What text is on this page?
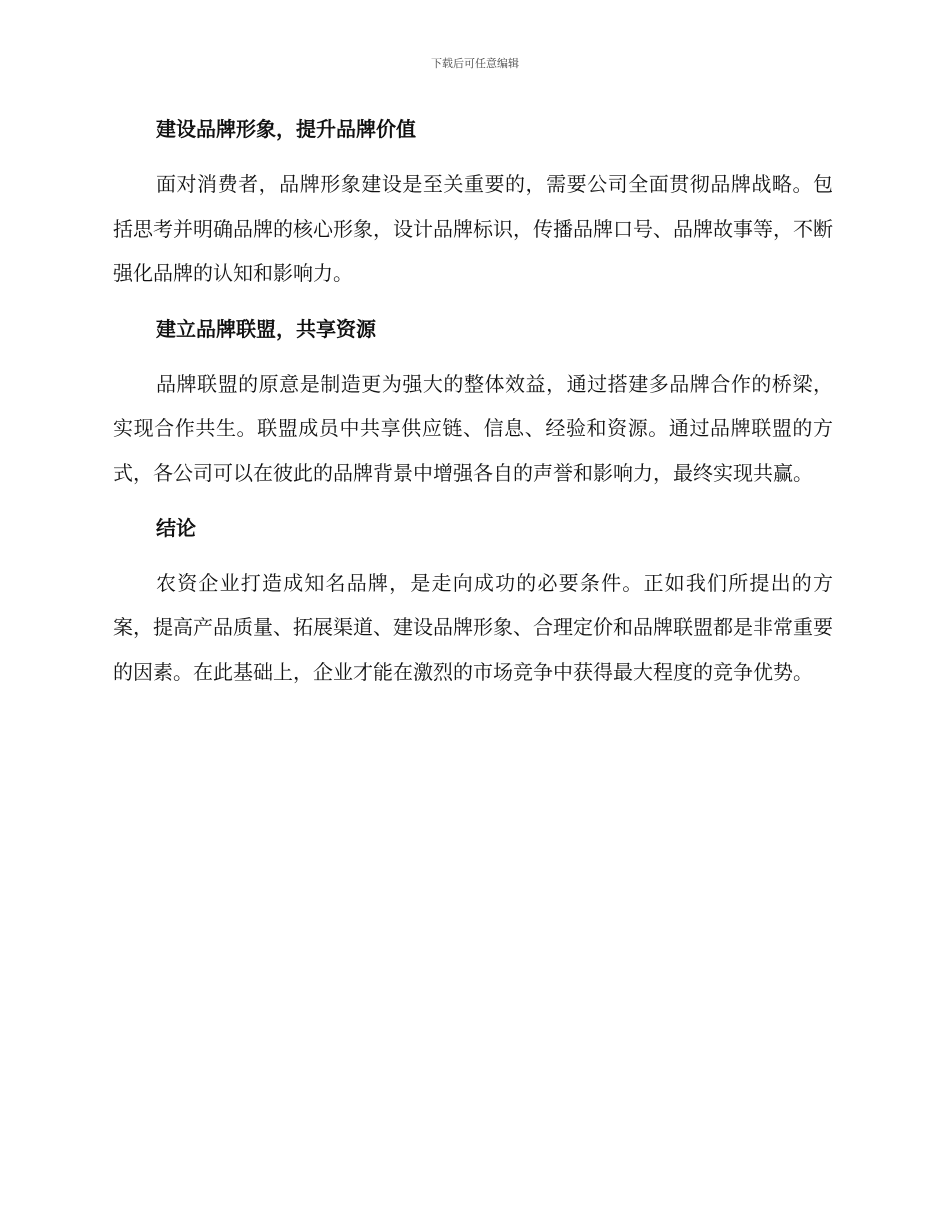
下载后可任意编辑
建设品牌形象，提升品牌价值

面对消费者，品牌形象建设是至关重要的，需要公司全面贯彻品牌战略。包括思考并明确品牌的核心形象，设计品牌标识，传播品牌口号、品牌故事等，不断强化品牌的认知和影响力。

建立品牌联盟，共享资源

品牌联盟的原意是制造更为强大的整体效益，通过搭建多品牌合作的桥梁，实现合作共生。联盟成员中共享供应链、信息、经验和资源。通过品牌联盟的方式，各公司可以在彼此的品牌背景中增强各自的声誉和影响力，最终实现共赢。

结论

农资企业打造成知名品牌，是走向成功的必要条件。正如我们所提出的方案，提高产品质量、拓展渠道、建设品牌形象、合理定价和品牌联盟都是非常重要的因素。在此基础上，企业才能在激烈的市场竞争中获得最大程度的竞争优势。
